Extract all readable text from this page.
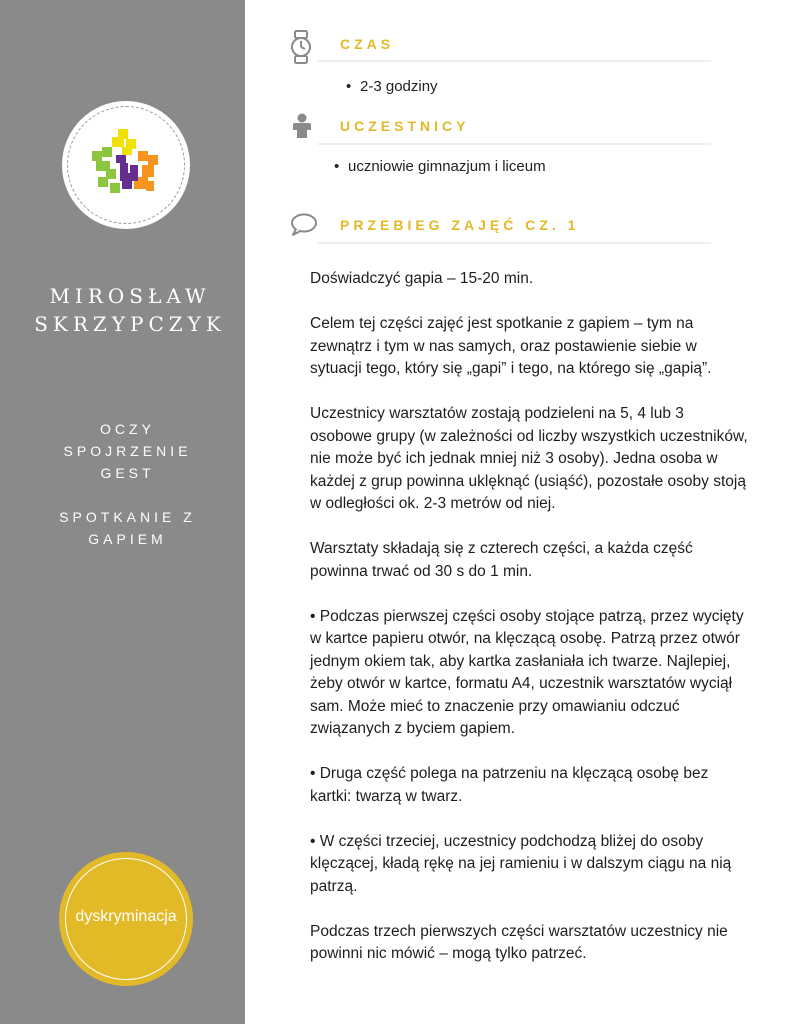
MIROSŁAW
SKRZYPCZYK
OCZY
SPOJRZENIE
GEST
SPOTKANIE Z
GAPIEM
dyskryminacja
CZAS
• 2-3 godziny
UCZESTNICY
• uczniowie gimnazjum i liceum
PRZEBIEG ZAJĘĆ CZ. 1

Doświadczyć gapia – 15-20 min.

Celem tej części zajęć jest spotkanie z gapiem – tym na zewnątrz i tym w nas samych, oraz postawienie siebie w sytuacji tego, który się „gapi” i tego, na którego się „gapią”.

Uczestnicy warsztatów zostają podzieleni na 5, 4 lub 3 osobowe grupy (w zależności od liczby wszystkich uczestników, nie może być ich jednak mniej niż 3 osoby). Jedna osoba w każdej z grup powinna uklęknąć (usiąść), pozostałe osoby stoją w odległości ok. 2-3 metrów od niej.

Warsztaty składają się z czterech części, a każda część powinna trwać od 30 s do 1 min.

• Podczas pierwszej części osoby stojące patrzą, przez wycięty w kartce papieru otwór, na klęczącą osobę. Patrzą przez otwór jednym okiem tak, aby kartka zasłaniała ich twarze. Najlepiej, żeby otwór w kartce, formatu A4, uczestnik warsztatów wyciął sam. Może mieć to znaczenie przy omawianiu odczuć związanych z byciem gapiem.

• Druga część polega na patrzeniu na klęczącą osobę bez kartki: twarzą w twarz.

• W części trzeciej, uczestnicy podchodzą bliżej do osoby klęczącej, kładą rękę na jej ramieniu i w dalszym ciągu na nią patrzą.

Podczas trzech pierwszych części warsztatów uczestnicy nie powinni nic mówić – mogą tylko patrzeć.
